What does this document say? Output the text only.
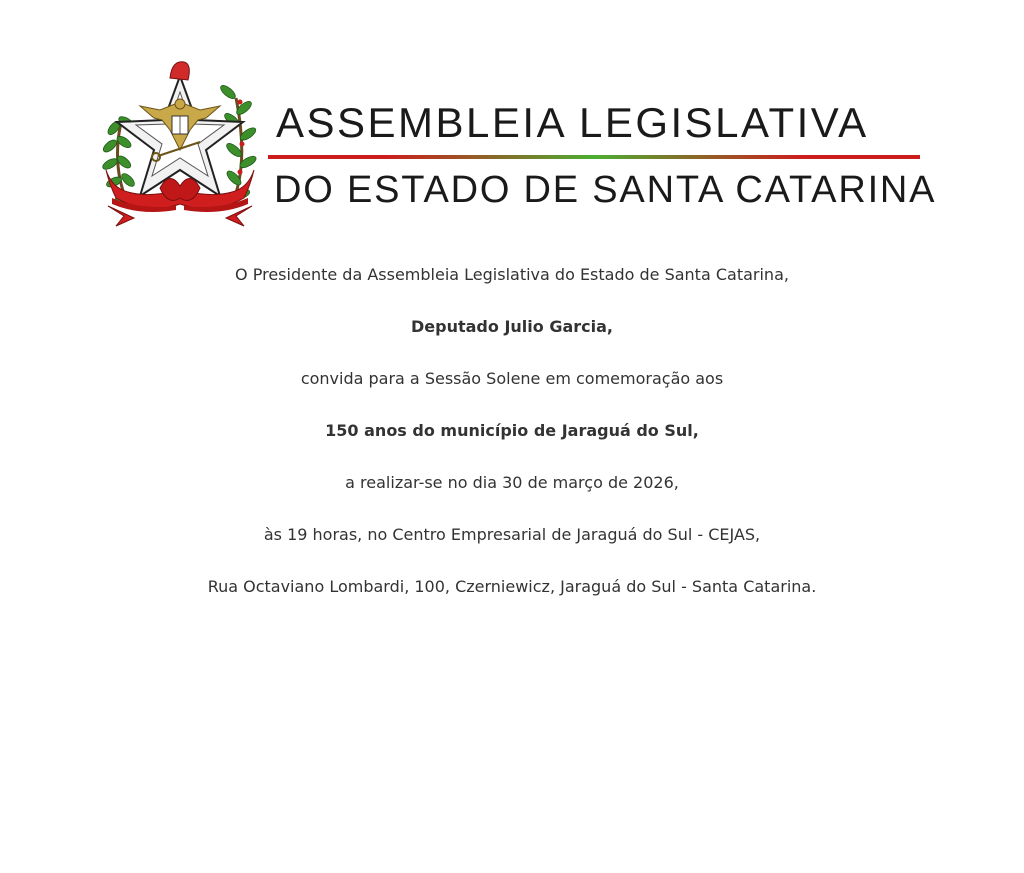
ASSEMBLEIA LEGISLATIVA
DO ESTADO DE SANTA CATARINA

O Presidente da Assembleia Legislativa do Estado de Santa Catarina,

Deputado Julio Garcia,

convida para a Sessão Solene em comemoração aos

150 anos do município de Jaraguá do Sul,

a realizar-se no dia 30 de março de 2026,

às 19 horas, no Centro Empresarial de Jaraguá do Sul - CEJAS,

Rua Octaviano Lombardi, 100, Czerniewicz, Jaraguá do Sul - Santa Catarina.
